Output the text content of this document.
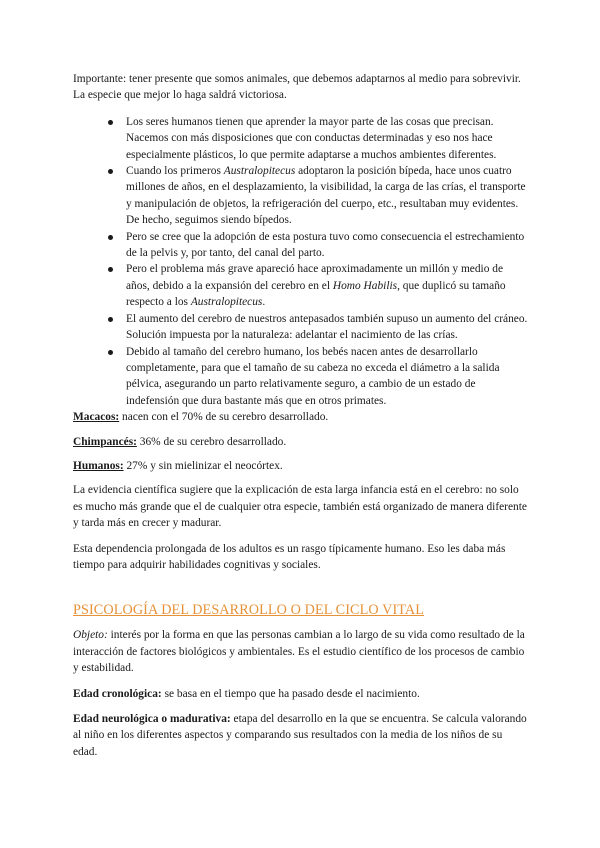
Importante: tener presente que somos animales, que debemos adaptarnos al medio para sobrevivir. La especie que mejor lo haga saldrá victoriosa.

Los seres humanos tienen que aprender la mayor parte de las cosas que precisan. Nacemos con más disposiciones que con conductas determinadas y eso nos hace especialmente plásticos, lo que permite adaptarse a muchos ambientes diferentes.
Cuando los primeros Australopitecus adoptaron la posición bípeda, hace unos cuatro millones de años, en el desplazamiento, la visibilidad, la carga de las crías, el transporte y manipulación de objetos, la refrigeración del cuerpo, etc., resultaban muy evidentes. De hecho, seguimos siendo bípedos.
Pero se cree que la adopción de esta postura tuvo como consecuencia el estrechamiento de la pelvis y, por tanto, del canal del parto.
Pero el problema más grave apareció hace aproximadamente un millón y medio de años, debido a la expansión del cerebro en el Homo Habilis, que duplicó su tamaño respecto a los Australopitecus.
El aumento del cerebro de nuestros antepasados también supuso un aumento del cráneo. Solución impuesta por la naturaleza: adelantar el nacimiento de las crías.
Debido al tamaño del cerebro humano, los bebés nacen antes de desarrollarlo completamente, para que el tamaño de su cabeza no exceda el diámetro a la salida pélvica, asegurando un parto relativamente seguro, a cambio de un estado de indefensión que dura bastante más que en otros primates.

Macacos: nacen con el 70% de su cerebro desarrollado.

Chimpancés: 36% de su cerebro desarrollado.

Humanos: 27% y sin mielinizar el neocórtex.

La evidencia científica sugiere que la explicación de esta larga infancia está en el cerebro: no solo es mucho más grande que el de cualquier otra especie, también está organizado de manera diferente y tarda más en crecer y madurar.

Esta dependencia prolongada de los adultos es un rasgo típicamente humano. Eso les daba más tiempo para adquirir habilidades cognitivas y sociales.

PSICOLOGÍA DEL DESARROLLO O DEL CICLO VITAL

Objeto: interés por la forma en que las personas cambian a lo largo de su vida como resultado de la interacción de factores biológicos y ambientales. Es el estudio científico de los procesos de cambio y estabilidad.

Edad cronológica: se basa en el tiempo que ha pasado desde el nacimiento.

Edad neurológica o madurativa: etapa del desarrollo en la que se encuentra. Se calcula valorando al niño en los diferentes aspectos y comparando sus resultados con la media de los niños de su edad.
